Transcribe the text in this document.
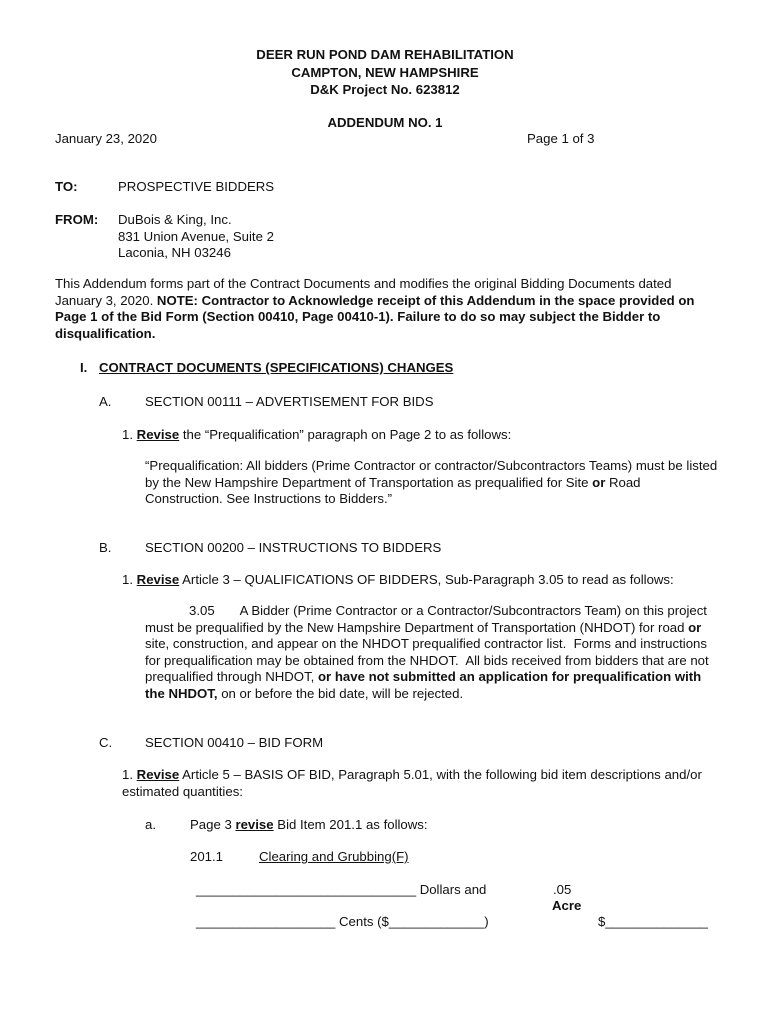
DEER RUN POND DAM REHABILITATION
CAMPTON, NEW HAMPSHIRE
D&K Project No. 623812
ADDENDUM NO. 1
January 23, 2020	Page 1 of 3
TO:	PROSPECTIVE BIDDERS
FROM: DuBois & King, Inc.
831 Union Avenue, Suite 2
Laconia, NH 03246
This Addendum forms part of the Contract Documents and modifies the original Bidding Documents dated January 3, 2020. NOTE: Contractor to Acknowledge receipt of this Addendum in the space provided on Page 1 of the Bid Form (Section 00410, Page 00410-1). Failure to do so may subject the Bidder to disqualification.
I. CONTRACT DOCUMENTS (SPECIFICATIONS) CHANGES
A.	SECTION 00111 – ADVERTISEMENT FOR BIDS
1. Revise the “Prequalification” paragraph on Page 2 to as follows:
“Prequalification: All bidders (Prime Contractor or contractor/Subcontractors Teams) must be listed by the New Hampshire Department of Transportation as prequalified for Site or Road Construction. See Instructions to Bidders.”
B.	SECTION 00200 – INSTRUCTIONS TO BIDDERS
1. Revise Article 3 – QUALIFICATIONS OF BIDDERS, Sub-Paragraph 3.05 to read as follows:
3.05       A Bidder (Prime Contractor or a Contractor/Subcontractors Team) on this project must be prequalified by the New Hampshire Department of Transportation (NHDOT) for road or site, construction, and appear on the NHDOT prequalified contractor list.  Forms and instructions for prequalification may be obtained from the NHDOT.  All bids received from bidders that are not prequalified through NHDOT, or have not submitted an application for prequalification with the NHDOT, on or before the bid date, will be rejected.
C. SECTION 00410 – BID FORM
1. Revise Article 5 – BASIS OF BID, Paragraph 5.01, with the following bid item descriptions and/or estimated quantities:
a.	Page 3 revise Bid Item 201.1 as follows:
201.1	Clearing and Grubbing(F)
______________________________ Dollars and	.05
Acre
___________________ Cents ($_____________)	$______________
